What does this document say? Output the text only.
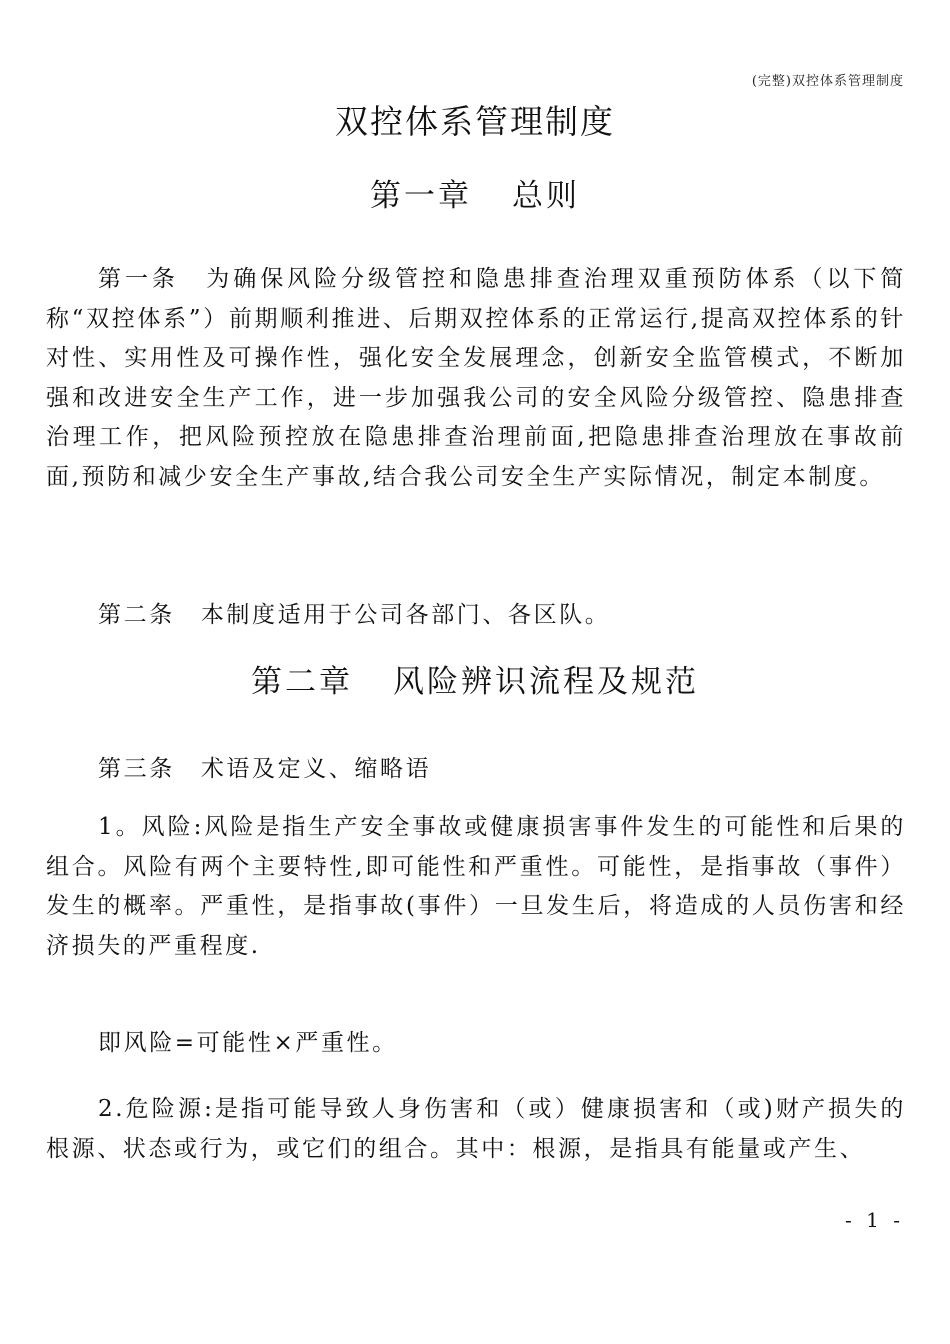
(完整)双控体系管理制度
双控体系管理制度
第一章 总则
第一条 为确保风险分级管控和隐患排查治理双重预防体系（以下简称“双控体系”）前期顺利推进、后期双控体系的正常运行,提高双控体系的针对性、实用性及可操作性，强化安全发展理念，创新安全监管模式，不断加强和改进安全生产工作，进一步加强我公司的安全风险分级管控、隐患排查治理工作，把风险预控放在隐患排查治理前面,把隐患排查治理放在事故前面,预防和减少安全生产事故,结合我公司安全生产实际情况，制定本制度。
第二条 本制度适用于公司各部门、各区队。
第二章 风险辨识流程及规范
第三条 术语及定义、缩略语
1。风险:风险是指生产安全事故或健康损害事件发生的可能性和后果的组合。风险有两个主要特性,即可能性和严重性。可能性，是指事故（事件）发生的概率。严重性，是指事故(事件）一旦发生后，将造成的人员伤害和经济损失的严重程度.
即风险=可能性×严重性。
2.危险源:是指可能导致人身伤害和（或）健康损害和（或)财产损失的根源、状态或行为，或它们的组合。其中：根源，是指具有能量或产生、
- 1 -
